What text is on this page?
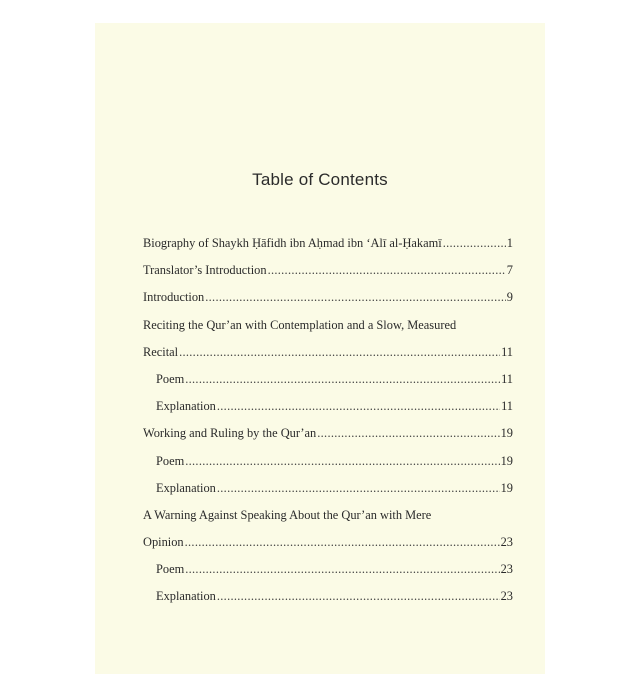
Table of Contents
Biography of Shaykh Ḥāfidh ibn Aḥmad ibn ‘Alī al-Ḥakamī .....	1
Translator’s Introduction .....	7
Introduction .....	9
Reciting the Qur’an with Contemplation and a Slow, Measured
Recital .....	11
Poem .....	11
Explanation .....	11
Working and Ruling by the Qur’an .....	19
Poem .....	19
Explanation .....	19
A Warning Against Speaking About the Qur’an with Mere
Opinion .....	23
Poem .....	23
Explanation .....	23
